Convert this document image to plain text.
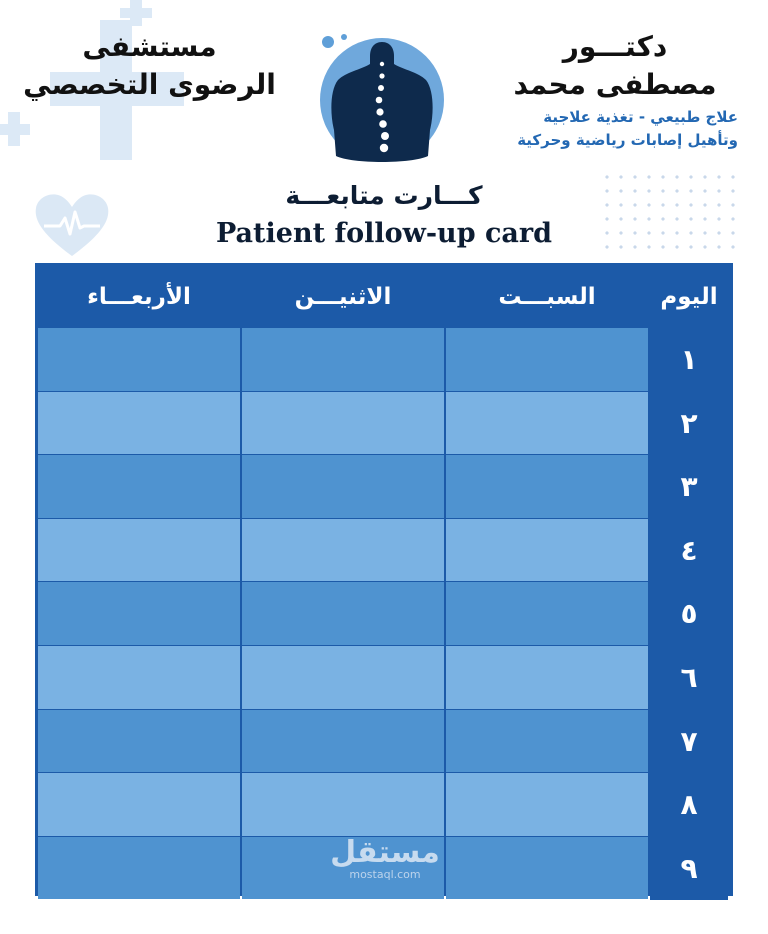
مستشفى
الرضوى التخصصي
دكتـــور
مصطفى محمد
علاج طبيعي - تغذية علاجية
وتأهيل إصابات رياضية وحركية
كـــارت متابعـــة
Patient follow-up card
الأربعـــاء	الاثنيـــن	السبـــت	اليوم
١
٢
٣
٤
٥
٦
٧
٨
٩
مستقل
mostaql.com
